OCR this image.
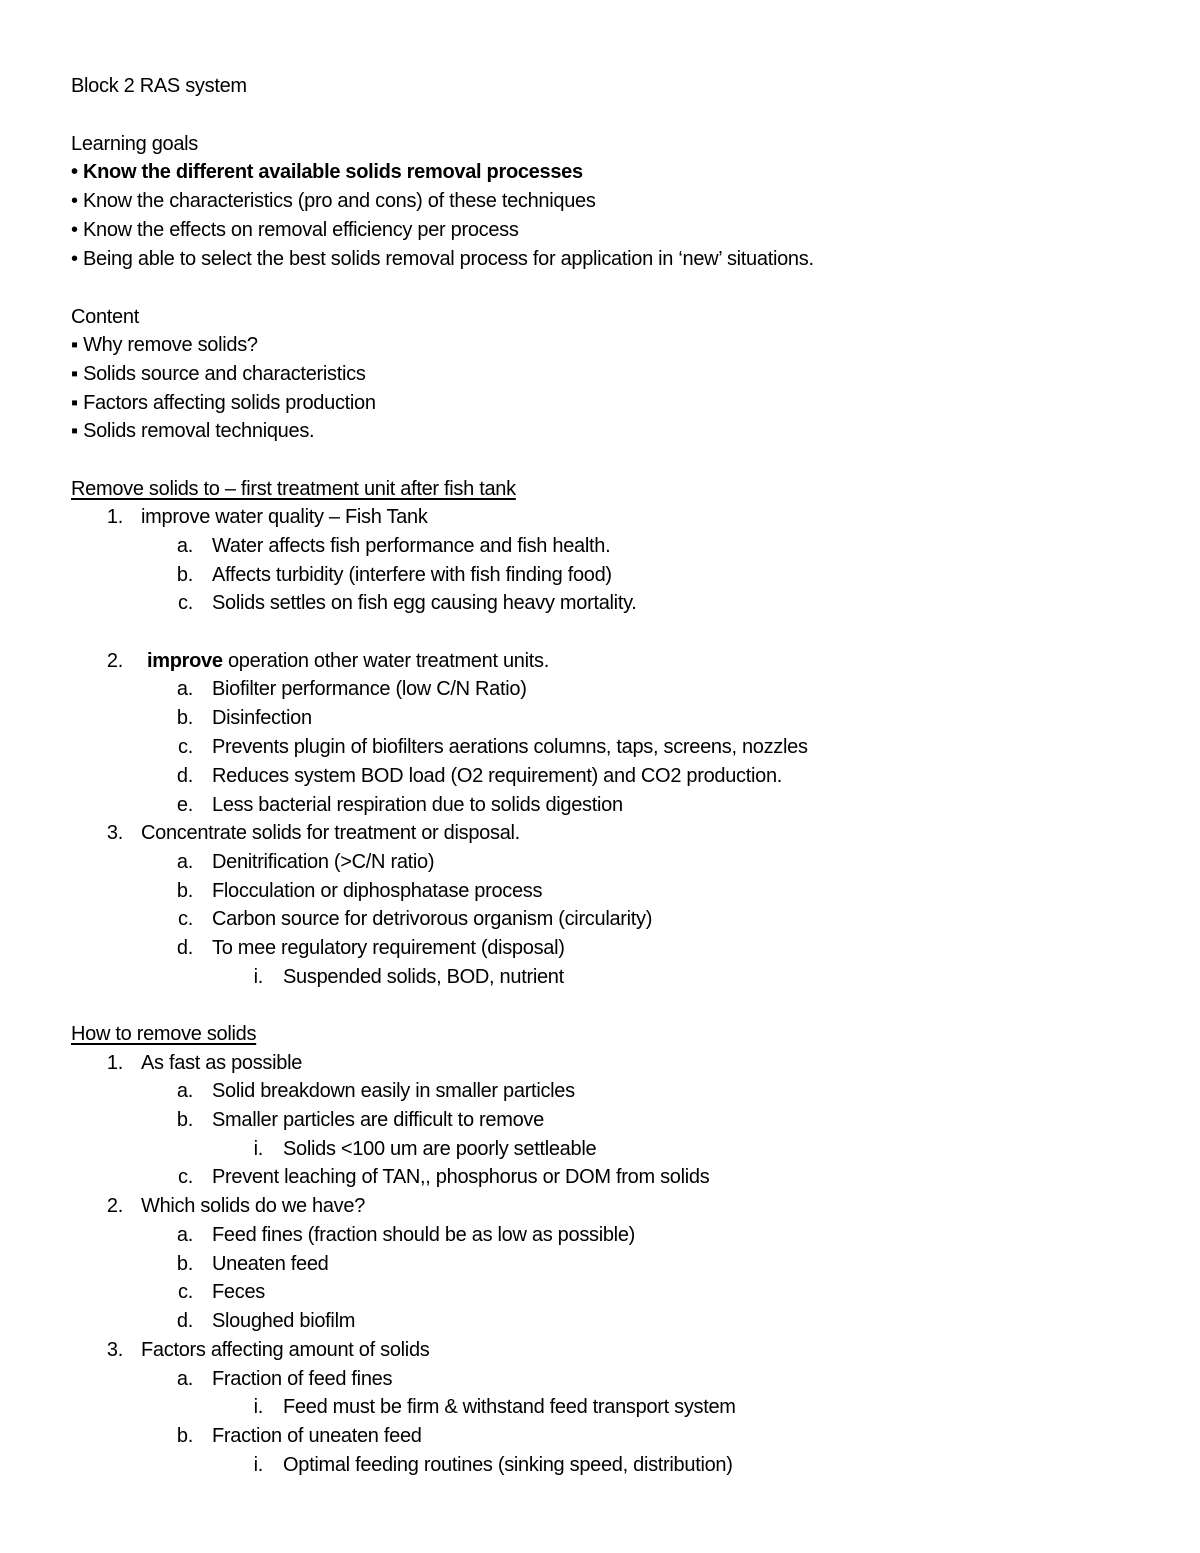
Block 2 RAS system
Learning goals
• Know the different available solids removal processes
• Know the characteristics (pro and cons) of these techniques
• Know the effects on removal efficiency per process
• Being able to select the best solids removal process for application in ‘new’ situations.
Content
▪ Why remove solids?
▪ Solids source and characteristics
▪ Factors affecting solids production
▪ Solids removal techniques.
Remove solids to – first treatment unit after fish tank
1. improve water quality – Fish Tank
a. Water affects fish performance and fish health.
b. Affects turbidity (interfere with fish finding food)
c. Solids settles on fish egg causing heavy mortality.
2. improve operation other water treatment units.
a. Biofilter performance (low C/N Ratio)
b. Disinfection
c. Prevents plugin of biofilters aerations columns, taps, screens, nozzles
d. Reduces system BOD load (O2 requirement) and CO2 production.
e. Less bacterial respiration due to solids digestion
3. Concentrate solids for treatment or disposal.
a. Denitrification (>C/N ratio)
b. Flocculation or diphosphatase process
c. Carbon source for detrivorous organism (circularity)
d. To mee regulatory requirement (disposal)
i. Suspended solids, BOD, nutrient
How to remove solids
1. As fast as possible
a. Solid breakdown easily in smaller particles
b. Smaller particles are difficult to remove
i. Solids <100 um are poorly settleable
c. Prevent leaching of TAN,, phosphorus or DOM from solids
2. Which solids do we have?
a. Feed fines (fraction should be as low as possible)
b. Uneaten feed
c. Feces
d. Sloughed biofilm
3. Factors affecting amount of solids
a. Fraction of feed fines
i. Feed must be firm & withstand feed transport system
b. Fraction of uneaten feed
i. Optimal feeding routines (sinking speed, distribution)
